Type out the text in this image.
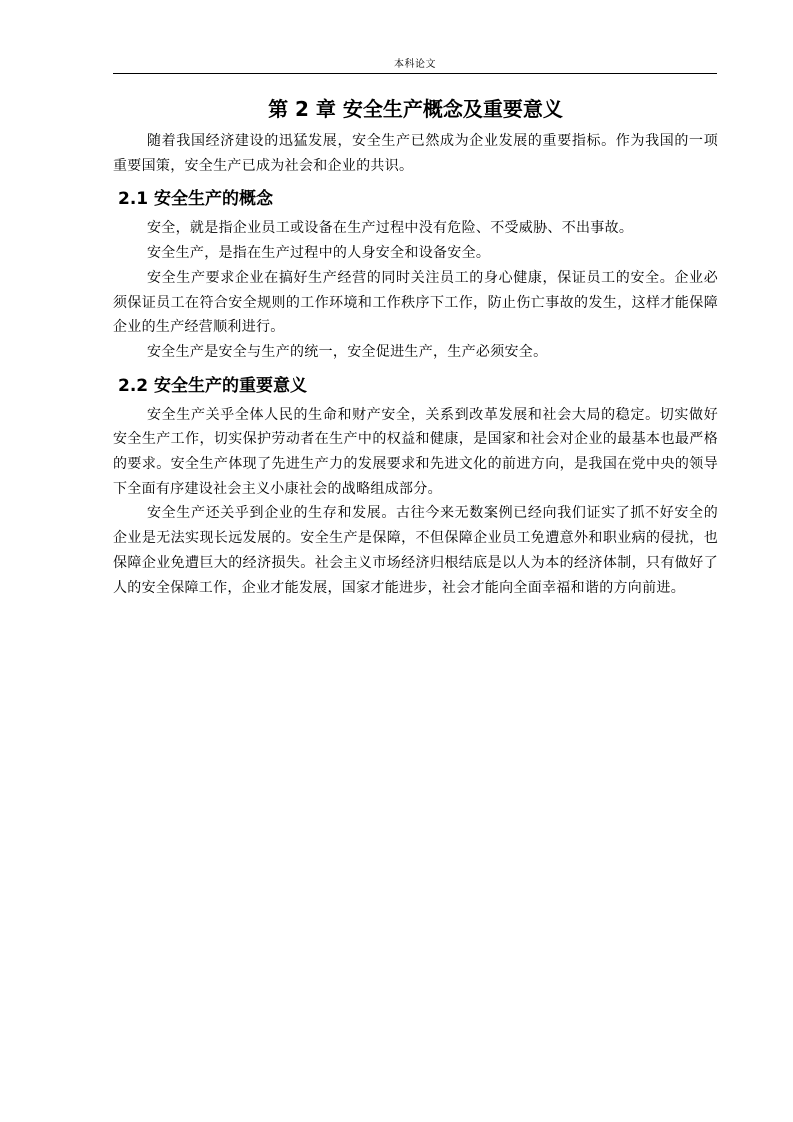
本科论文
第 2 章 安全生产概念及重要意义

随着我国经济建设的迅猛发展，安全生产已然成为企业发展的重要指标。作为我国的一项重要国策，安全生产已成为社会和企业的共识。

2.1 安全生产的概念

安全，就是指企业员工或设备在生产过程中没有危险、不受威胁、不出事故。

安全生产，是指在生产过程中的人身安全和设备安全。

安全生产要求企业在搞好生产经营的同时关注员工的身心健康，保证员工的安全。企业必须保证员工在符合安全规则的工作环境和工作秩序下工作，防止伤亡事故的发生，这样才能保障企业的生产经营顺利进行。

安全生产是安全与生产的统一，安全促进生产，生产必须安全。

2.2 安全生产的重要意义

安全生产关乎全体人民的生命和财产安全，关系到改革发展和社会大局的稳定。切实做好安全生产工作，切实保护劳动者在生产中的权益和健康，是国家和社会对企业的最基本也最严格的要求。安全生产体现了先进生产力的发展要求和先进文化的前进方向，是我国在党中央的领导下全面有序建设社会主义小康社会的战略组成部分。

安全生产还关乎到企业的生存和发展。古往今来无数案例已经向我们证实了抓不好安全的企业是无法实现长远发展的。安全生产是保障，不但保障企业员工免遭意外和职业病的侵扰，也保障企业免遭巨大的经济损失。社会主义市场经济归根结底是以人为本的经济体制，只有做好了人的安全保障工作，企业才能发展，国家才能进步，社会才能向全面幸福和谐的方向前进。
